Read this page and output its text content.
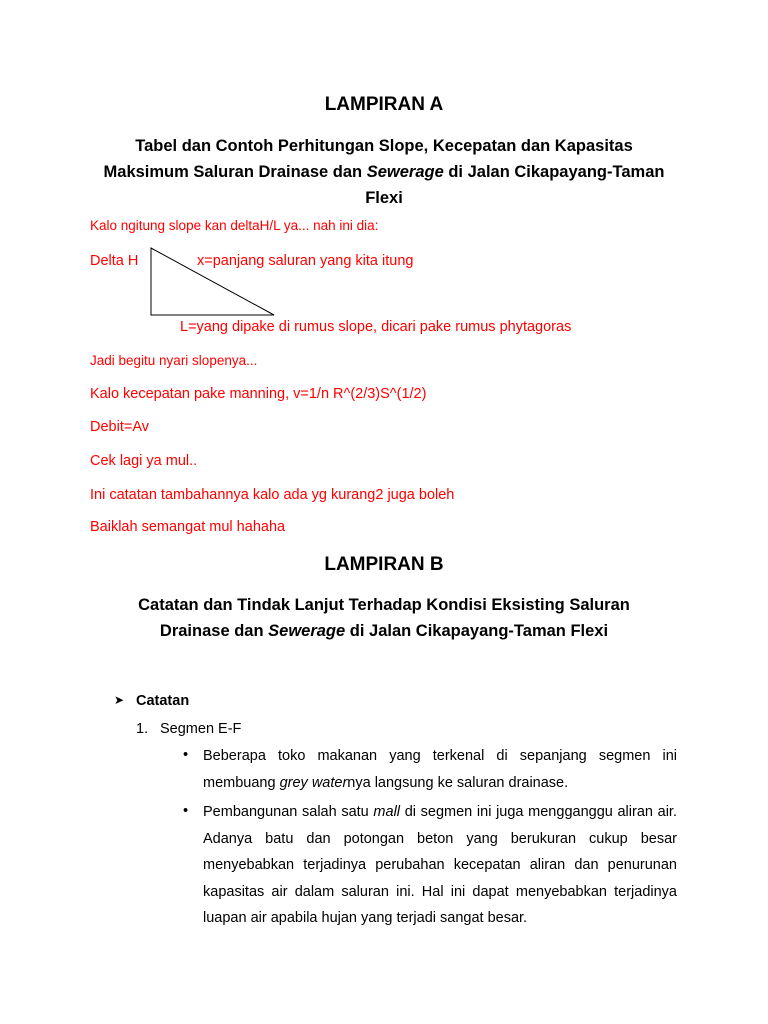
LAMPIRAN A
Tabel dan Contoh Perhitungan Slope, Kecepatan dan Kapasitas Maksimum Saluran Drainase dan Sewerage di Jalan Cikapayang-Taman Flexi
Kalo ngitung slope kan deltaH/L ya... nah ini dia:
Delta H	x=panjang saluran yang kita itung
L=yang dipake di rumus slope, dicari pake rumus phytagoras
Jadi begitu nyari slopenya...
Kalo kecepatan pake manning, v=1/n R^(2/3)S^(1/2)
Debit=Av
Cek lagi ya mul..
Ini catatan tambahannya kalo ada yg kurang2 juga boleh
Baiklah semangat mul hahaha
LAMPIRAN B
Catatan dan Tindak Lanjut Terhadap Kondisi Eksisting Saluran Drainase dan Sewerage di Jalan Cikapayang-Taman Flexi
➤ Catatan
1. Segmen E-F
• Beberapa toko makanan yang terkenal di sepanjang segmen ini membuang grey waternya langsung ke saluran drainase.
• Pembangunan salah satu mall di segmen ini juga mengganggu aliran air. Adanya batu dan potongan beton yang berukuran cukup besar menyebabkan terjadinya perubahan kecepatan aliran dan penurunan kapasitas air dalam saluran ini. Hal ini dapat menyebabkan terjadinya luapan air apabila hujan yang terjadi sangat besar.
